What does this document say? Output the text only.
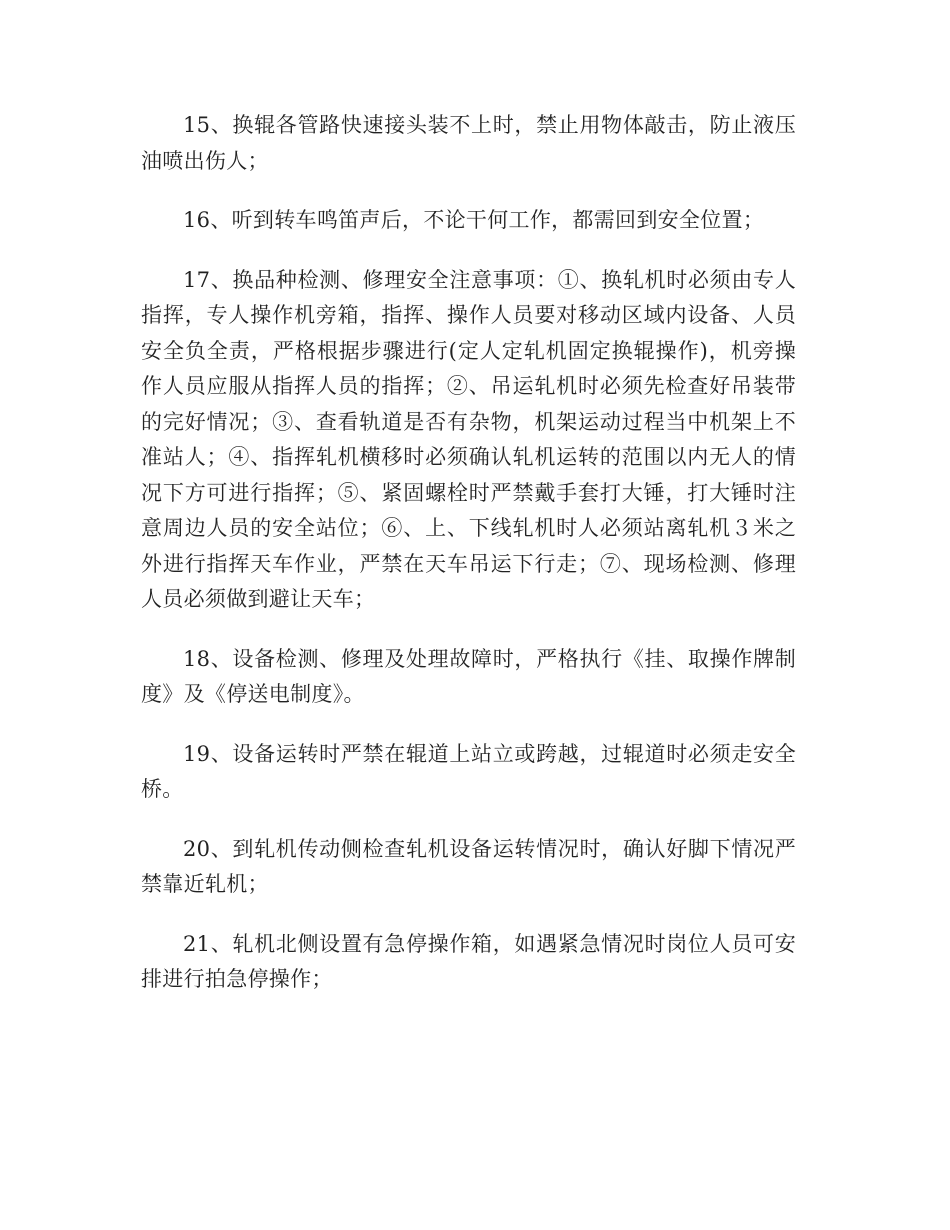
15、换辊各管路快速接头装不上时，禁止用物体敲击，防止液压油喷出伤人；

16、听到转车鸣笛声后，不论干何工作，都需回到安全位置；

17、换品种检测、修理安全注意事项：①、换轧机时必须由专人指挥，专人操作机旁箱，指挥、操作人员要对移动区域内设备、人员安全负全责，严格根据步骤进行(定人定轧机固定换辊操作)，机旁操作人员应服从指挥人员的指挥；②、吊运轧机时必须先检查好吊装带的完好情况；③、查看轨道是否有杂物，机架运动过程当中机架上不准站人；④、指挥轧机横移时必须确认轧机运转的范围以内无人的情况下方可进行指挥；⑤、紧固螺栓时严禁戴手套打大锤，打大锤时注意周边人员的安全站位；⑥、上、下线轧机时人必须站离轧机３米之外进行指挥天车作业，严禁在天车吊运下行走；⑦、现场检测、修理人员必须做到避让天车；

18、设备检测、修理及处理故障时，严格执行《挂、取操作牌制度》及《停送电制度》。

19、设备运转时严禁在辊道上站立或跨越，过辊道时必须走安全桥。

20、到轧机传动侧检查轧机设备运转情况时，确认好脚下情况严禁靠近轧机；

21、轧机北侧设置有急停操作箱，如遇紧急情况时岗位人员可安排进行拍急停操作；
